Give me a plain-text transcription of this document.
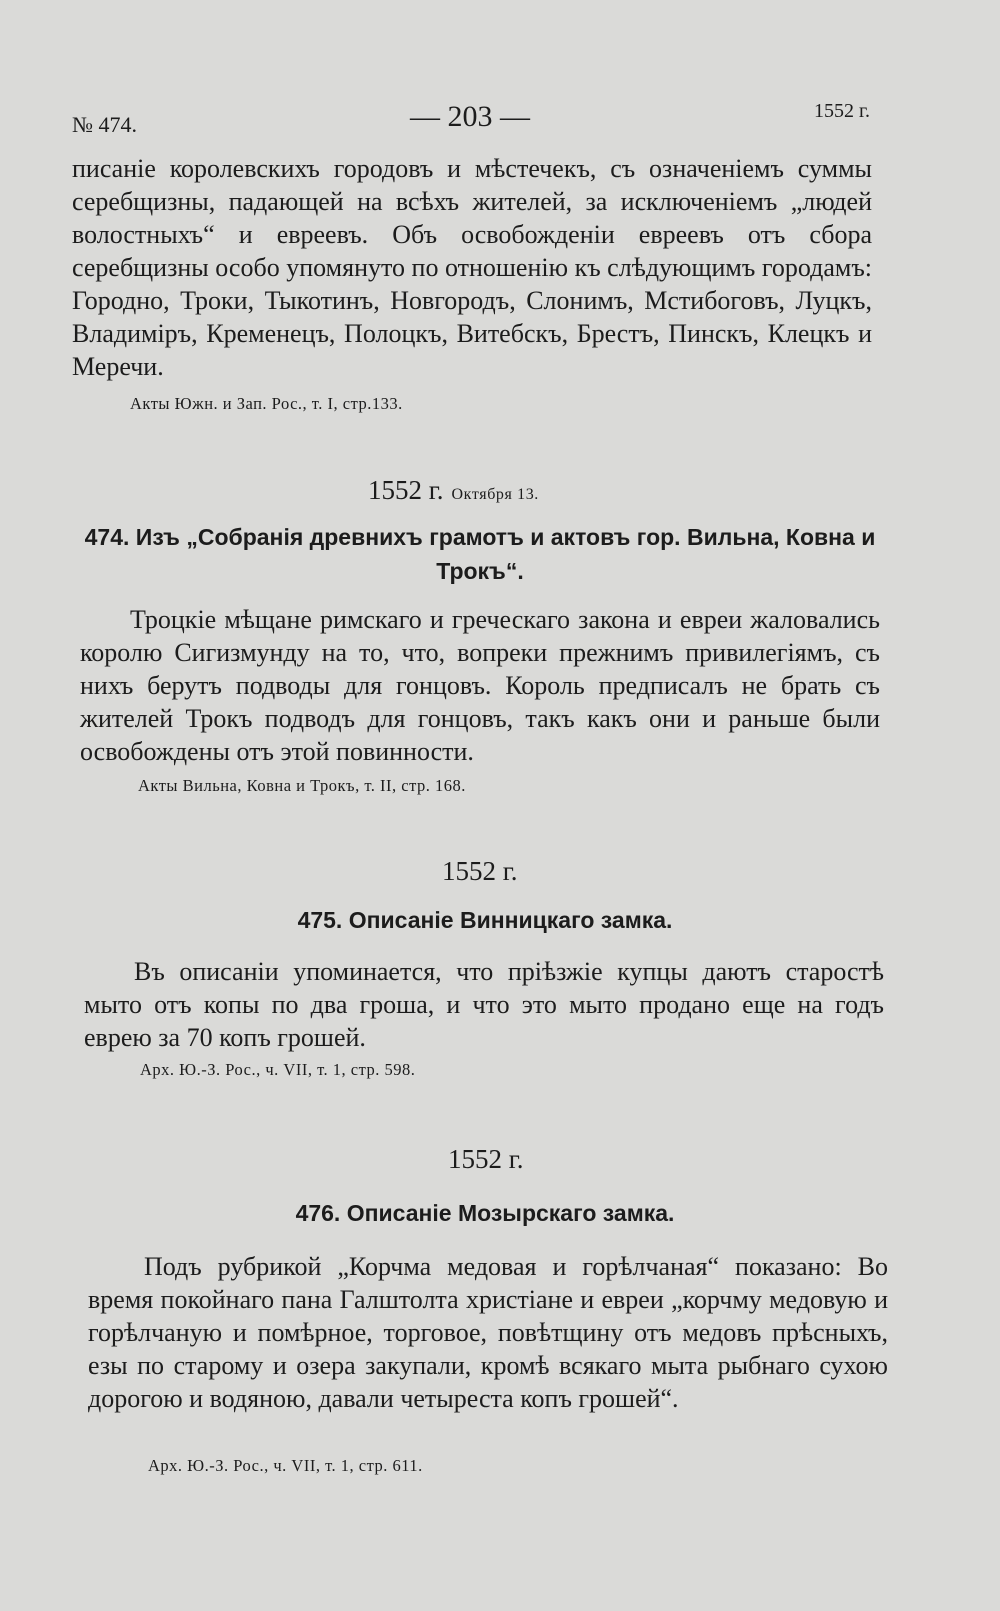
№ 474.	— 203 —	1552 г.

писаніе королевскихъ городовъ и мѣстечекъ, съ означеніемъ суммы серебщизны, падающей на всѣхъ жителей, за исключеніемъ „людей волостныхъ“ и евреевъ. Объ освобожденіи евреевъ отъ сбора серебщизны особо упомянуто по отношенію къ слѣдующимъ городамъ: Городно, Троки, Тыкотинъ, Новгородъ, Слонимъ, Мстибоговъ, Луцкъ, Владиміръ, Кременецъ, Полоцкъ, Витебскъ, Брестъ, Пинскъ, Клецкъ и Меречи.

Акты Южн. и Зап. Рос., т. I, стр.133.
1552 г. Октября 13.
474. Изъ „Собранія древнихъ грамотъ и актовъ гор. Вильна, Ковна и Трокъ“.
Троцкіе мѣщане римскаго и греческаго закона и евреи жаловались королю Сигизмунду на то, что, вопреки прежнимъ привилегіямъ, съ нихъ берутъ подводы для гонцовъ. Король предписалъ не брать съ жителей Трокъ подводъ для гонцовъ, такъ какъ они и раньше были освобождены отъ этой повинности.
Акты Вильна, Ковна и Трокъ, т. II, стр. 168.
1552 г.
475. Описаніе Винницкаго замка.
Въ описаніи упоминается, что пріѣзжіе купцы даютъ старостѣ мыто отъ копы по два гроша, и что это мыто продано еще на годъ еврею за 70 копъ грошей.
Арх. Ю.-З. Рос., ч. VII, т. 1, стр. 598.
1552 г.
476. Описаніе Мозырскаго замка.
Подъ рубрикой „Корчма медовая и горѣлчаная“ показано: Во время покойнаго пана Галштолта христіане и евреи „корчму медовую и горѣлчаную и помѣрное, торговое, повѣтщину отъ медовъ прѣсныхъ, езы по старому и озера закупали, кромѣ всякаго мыта рыбнаго сухою дорогою и водяною, давали четыреста копъ грошей“.
Арх. Ю.-З. Рос., ч. VII, т. 1, стр. 611.
